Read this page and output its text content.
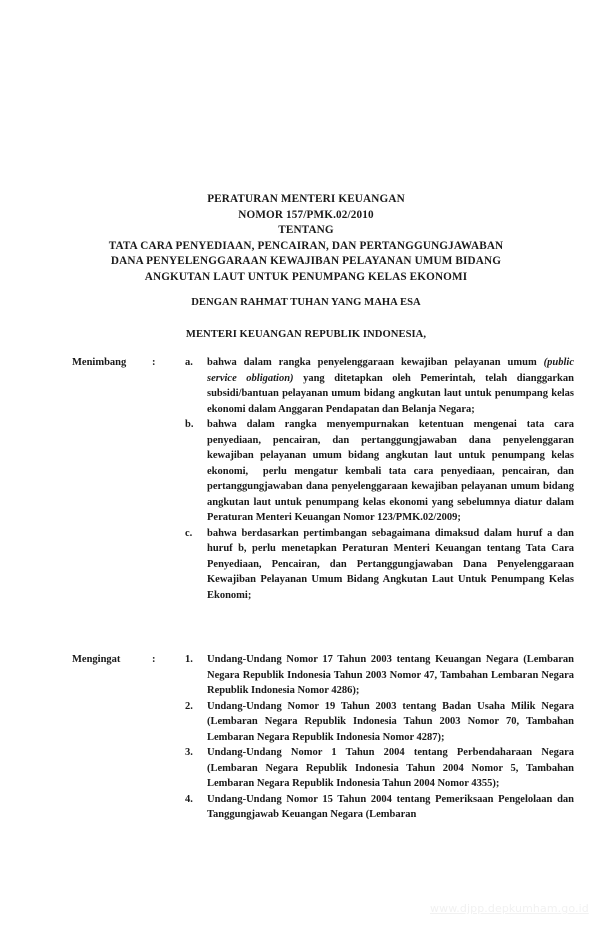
PERATURAN MENTERI KEUANGAN
NOMOR 157/PMK.02/2010
TENTANG
TATA CARA PENYEDIAAN, PENCAIRAN, DAN PERTANGGUNGJAWABAN
DANA PENYELENGGARAAN KEWAJIBAN PELAYANAN UMUM BIDANG
ANGKUTAN LAUT UNTUK PENUMPANG KELAS EKONOMI
DENGAN RAHMAT TUHAN YANG MAHA ESA
MENTERI KEUANGAN REPUBLIK INDONESIA,
Menimbang	:	a.	bahwa dalam rangka penyelenggaraan kewajiban pelayanan umum (public service obligation) yang ditetapkan oleh Pemerintah, telah dianggarkan subsidi/bantuan pelayanan umum bidang angkutan laut untuk penumpang kelas ekonomi dalam Anggaran Pendapatan dan Belanja Negara;
b.	bahwa dalam rangka menyempurnakan ketentuan mengenai tata cara penyediaan, pencairan, dan pertanggungjawaban dana penyelenggaran kewajiban pelayanan umum bidang angkutan laut untuk penumpang kelas ekonomi,  perlu mengatur kembali tata cara penyediaan, pencairan, dan pertanggungjawaban dana penyelenggaraan kewajiban pelayanan umum bidang angkutan laut untuk penumpang kelas ekonomi yang sebelumnya diatur dalam Peraturan Menteri Keuangan Nomor 123/PMK.02/2009;
c.	bahwa berdasarkan pertimbangan sebagaimana dimaksud dalam huruf a dan huruf b, perlu menetapkan Peraturan Menteri Keuangan tentang Tata Cara Penyediaan, Pencairan, dan Pertanggungjawaban Dana Penyelenggaraan Kewajiban Pelayanan Umum Bidang Angkutan Laut Untuk Penumpang Kelas Ekonomi;
Mengingat	:	1.	Undang-Undang Nomor 17 Tahun 2003 tentang Keuangan Negara (Lembaran Negara Republik Indonesia Tahun 2003 Nomor 47, Tambahan Lembaran Negara Republik Indonesia Nomor 4286);
2.	Undang-Undang Nomor 19 Tahun 2003 tentang Badan Usaha Milik Negara (Lembaran Negara Republik Indonesia Tahun 2003 Nomor 70, Tambahan Lembaran Negara Republik Indonesia Nomor 4287);
3.	Undang-Undang Nomor 1 Tahun 2004 tentang Perbendaharaan Negara (Lembaran Negara Republik Indonesia Tahun 2004 Nomor 5, Tambahan Lembaran Negara Republik Indonesia Tahun 2004 Nomor 4355);
4.	Undang-Undang Nomor 15 Tahun 2004 tentang Pemeriksaan Pengelolaan dan Tanggungjawab Keuangan Negara (Lembaran
www.djpp.depkumham.go.id
